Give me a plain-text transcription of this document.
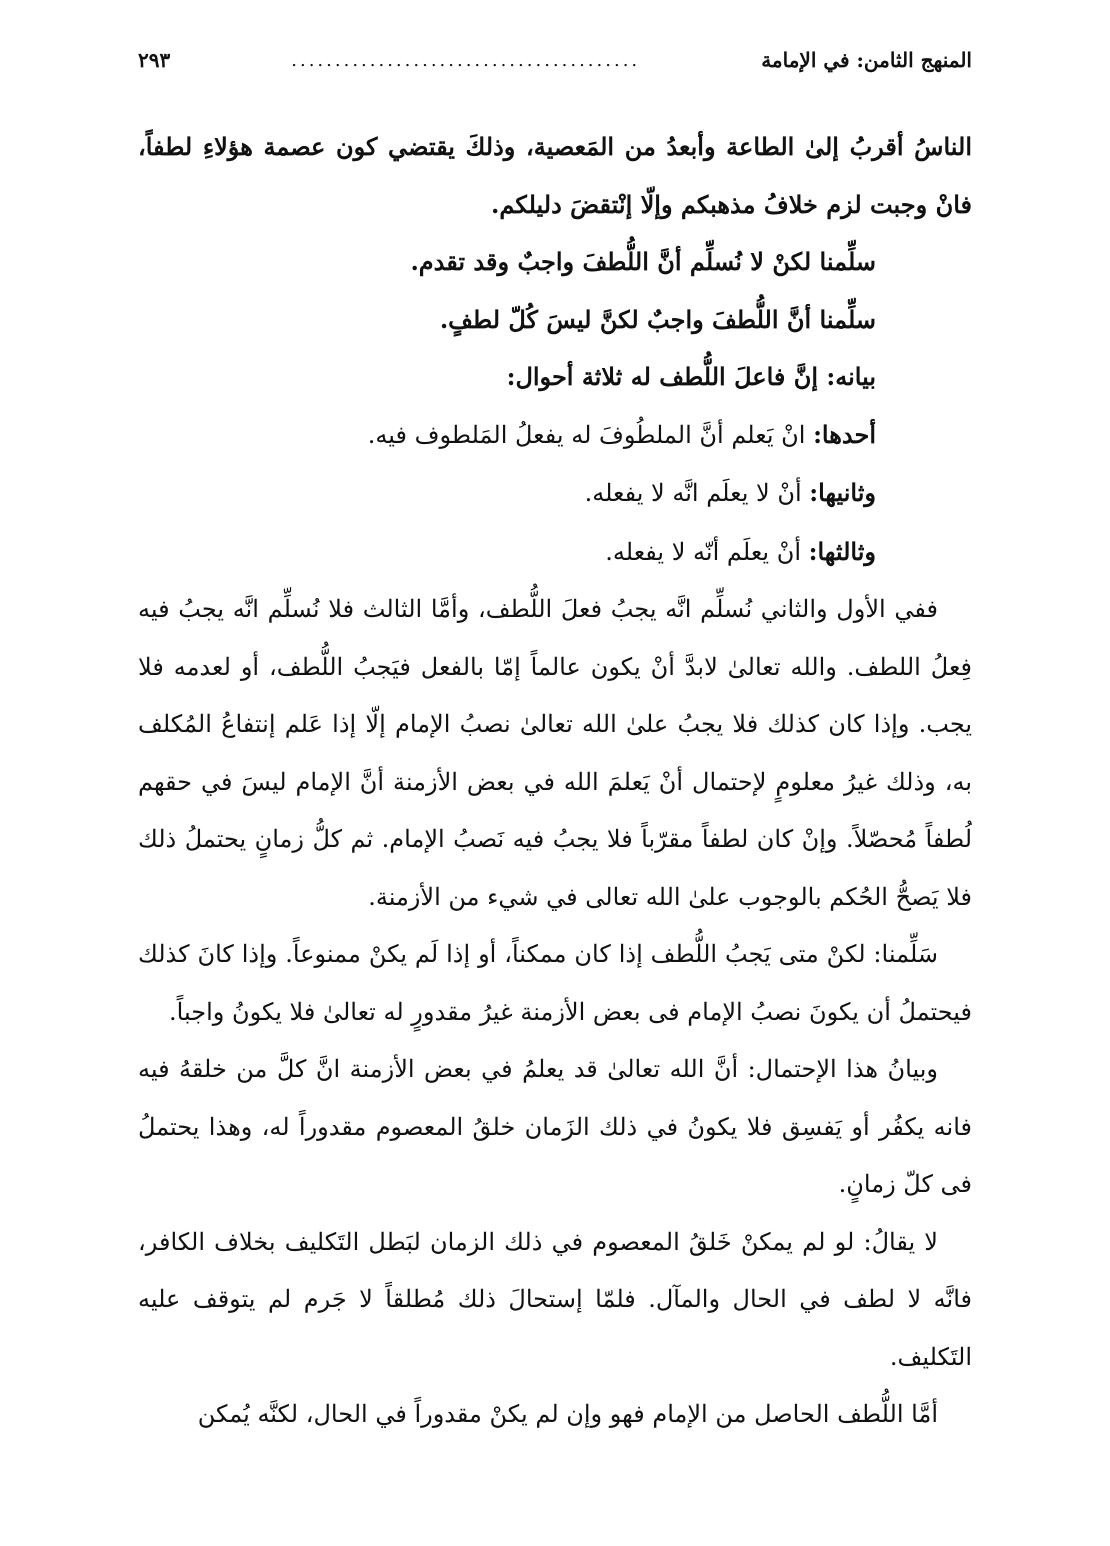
المنهج الثامن: في الإمامة
........................................
٢٩٣

الناسُ أقربُ إلىٰ الطاعة وأبعدُ من المَعصية، وذلكَ يقتضي كون عصمة هؤلاءِ لطفاً، فانْ وجبت لزم خلافُ مذهبكم وإلّا إنْتقضَ دليلكم.

سلِّمنا لكنْ لا نُسلِّم أنَّ اللُّطفَ واجبٌ وقد تقدم.

سلِّمنا أنَّ اللُّطفَ واجبٌ لكنَّ ليسَ كُلّ لطفٍ.

بيانه: إنَّ فاعلَ اللُّطف له ثلاثة أحوال:

أحدها: انْ يَعلم أنَّ الملطُوفَ له يفعلُ المَلطوف فيه.

وثانيها: أنْ لا يعلَم انَّه لا يفعله.

وثالثها: أنْ يعلَم أنّه لا يفعله.

ففي الأول والثاني نُسلِّم انَّه يجبُ فعلَ اللُّطف، وأمَّا الثالث فلا نُسلِّم انَّه يجبُ فيه فِعلُ اللطف. والله تعالىٰ لابدَّ أنْ يكون عالماً إمّا بالفعل فيَجبُ اللُّطف، أو لعدمه فلا يجب. وإذا كان كذلك فلا يجبُ علىٰ الله تعالىٰ نصبُ الإمام إلّا إذا عَلم إنتفاعُ المُكلف به، وذلك غيرُ معلومٍ لإحتمال أنْ يَعلمَ الله في بعض الأزمنة أنَّ الإمام ليسَ في حقهم لُطفاً مُحصّلاً. وإنْ كان لطفاً مقرّباً فلا يجبُ فيه نَصبُ الإمام. ثم كلُّ زمانٍ يحتملُ ذلك فلا يَصحُّ الحُكم بالوجوب علىٰ الله تعالى في شيء من الأزمنة.

سَلِّمنا: لكنْ متى يَجبُ اللُّطف إذا كان ممكناً، أو إذا لَم يكنْ ممنوعاً. وإذا كانَ كذلك فيحتملُ أن يكونَ نصبُ الإمام فى بعض الأزمنة غيرُ مقدورٍ له تعالىٰ فلا يكونُ واجباً.

وبيانُ هذا الإحتمال: أنَّ الله تعالىٰ قد يعلمُ في بعض الأزمنة انَّ كلَّ من خلقهُ فيه فانه يكفُر أو يَفسِق فلا يكونُ في ذلك الزَمان خلقُ المعصوم مقدوراً له، وهذا يحتملُ فى كلّ زمانٍ.

لا يقالُ: لو لم يمكنْ خَلقُ المعصوم في ذلك الزمان لبَطل التَكليف بخلاف الكافر، فانَّه لا لطف في الحال والمآل. فلمّا إستحالَ ذلك مُطلقاً لا جَرم لم يتوقف عليه التَكليف.

أمَّا اللُّطف الحاصل من الإمام فهو وإن لم يكنْ مقدوراً في الحال، لكنَّه يُمكن
